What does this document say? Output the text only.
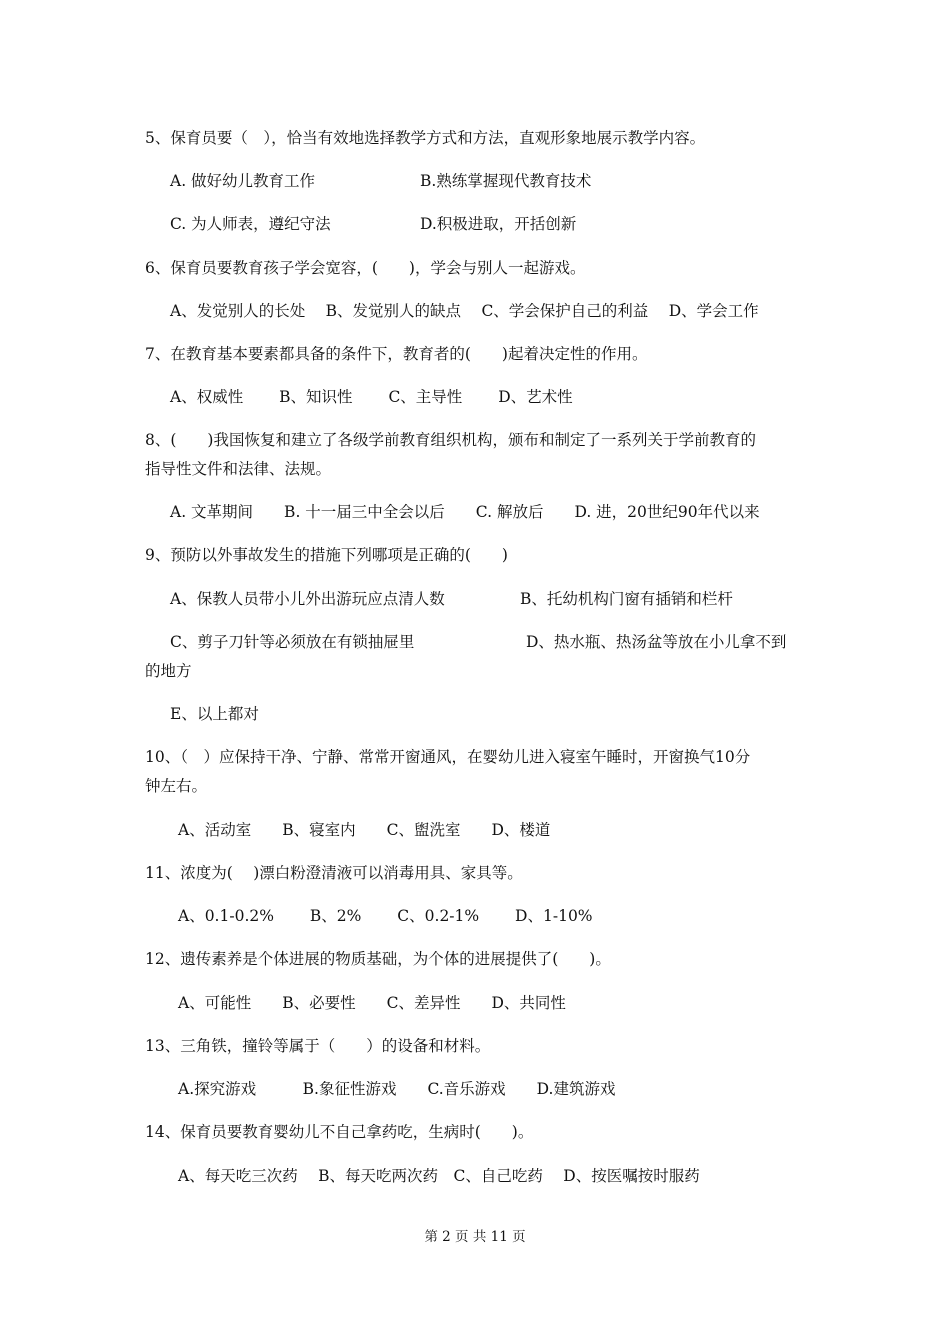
5、保育员要（　），恰当有效地选择教学方式和方法，直观形象地展示教学内容。
A. 做好幼儿教育工作	B.熟练掌握现代教育技术
C. 为人师表，遵纪守法	D.积极进取，开括创新
6、保育员要教育孩子学会宽容，(　　)，学会与别人一起游戏。
A、发觉别人的长处　 B、发觉别人的缺点　 C、学会保护自己的利益　 D、学会工作
7、在教育基本要素都具备的条件下，教育者的(　　)起着决定性的作用。
A、权威性　　 B、知识性　　 C、主导性　　 D、艺术性
8、(　　)我国恢复和建立了各级学前教育组织机构，颁布和制定了一系列关于学前教育的
指导性文件和法律、法规。
A. 文革期间　　B. 十一届三中全会以后　　C. 解放后　　D. 进，20世纪90年代以来
9、预防以外事故发生的措施下列哪项是正确的(　　)
A、保教人员带小儿外出游玩应点清人数	B、托幼机构门窗有插销和栏杆
C、剪子刀针等必须放在有锁抽屉里	D、热水瓶、热汤盆等放在小儿拿不到
的地方
E、以上都对
10、（　）应保持干净、宁静、常常开窗通风，在婴幼儿进入寝室午睡时，开窗换气10分
钟左右。
A、活动室　　B、寝室内　　C、盥洗室　　D、楼道
11、浓度为(　 )漂白粉澄清液可以消毒用具、家具等。
A、0.1-0.2%　　 B、2%　　 C、0.2-1%　　 D、1-10%
12、遗传素养是个体进展的物质基础，为个体的进展提供了(　　)。
A、可能性　　B、必要性　　C、差异性　　D、共同性
13、三角铁，撞铃等属于（　　）的设备和材料。
A.探究游戏　　　B.象征性游戏　　C.音乐游戏　　D.建筑游戏
14、保育员要教育婴幼儿不自己拿药吃，生病时(　　)。
A、每天吃三次药　 B、每天吃两次药　C、自己吃药　 D、按医嘱按时服药
第 2 页 共 11 页
